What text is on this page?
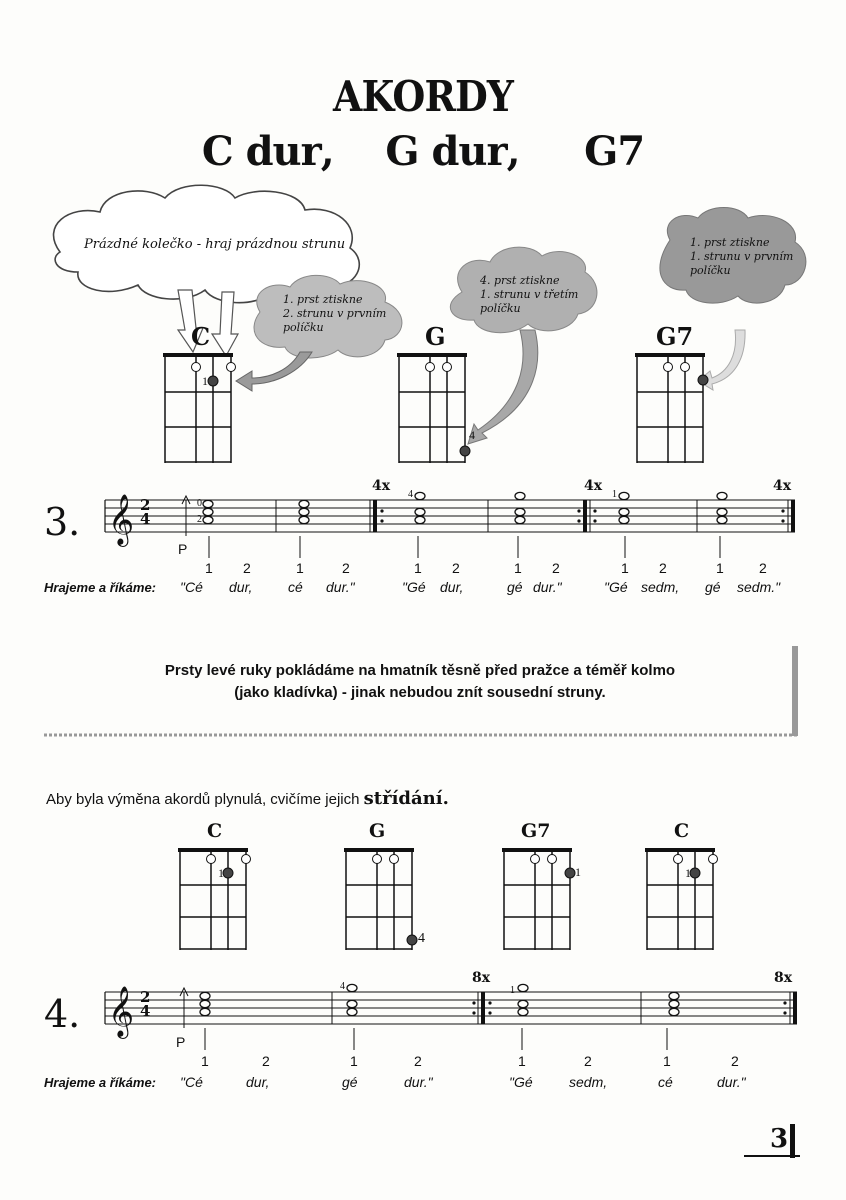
AKORDY
C dur, G dur, G7
𝄞
𝄞
Prázdné kolečko - hraj prázdnou strunu
1. prst ztiskne
2. strunu v prvním
políčku
4. prst ztiskne
1. strunu v třetím
políčku
1. prst ztiskne
1. strunu v prvním
políčku
C	G	G7
1
4
3.	2
4
P
4x	4x	4x
0
2
4	1
1 2	1	2	1 2	1 2	1 2	1	2
Hrajeme a říkáme: "Cé dur,	cé dur."	"Gé dur,	gé dur."	"Gé sedm, gé sedm."
Prsty levé ruky pokládáme na hmatník těsně před pražce a téměř kolmo
(jako kladívka) - jinak nebudou znít sousední struny.
Aby byla výměna akordů plynulá, cvičíme jejich střídání.
C	G	G7	C
1
4
1	1
4.	2
4
P
8x	8x
4	1
1	2	1	2	1	2	1	2
Hrajeme a říkáme: "Cé	dur,	gé	dur."	"Gé	sedm,	cé	dur."
3
